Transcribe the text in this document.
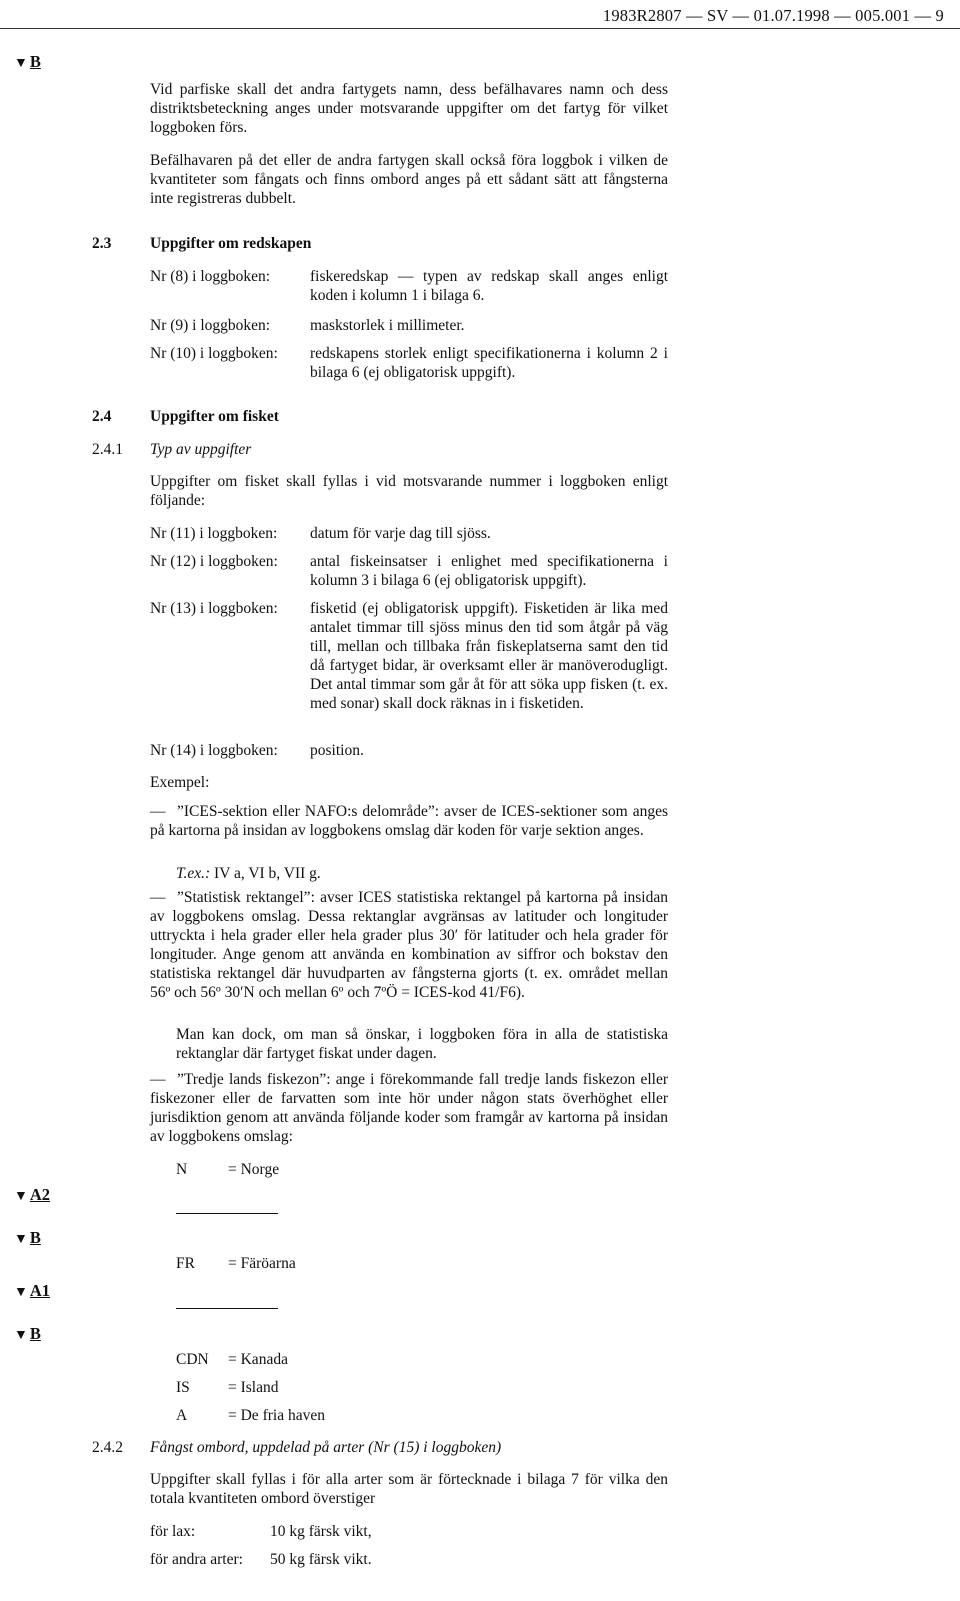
1983R2807 — SV — 01.07.1998 — 005.001 — 9
▼ B
▼ A2
▼ B
▼ A1
▼ B
Vid parfiske skall det andra fartygets namn, dess befälhavares namn och dess distriktsbeteckning anges under motsvarande uppgifter om det fartyg för vilket loggboken förs.
Befälhavaren på det eller de andra fartygen skall också föra loggbok i vilken de kvantiteter som fångats och finns ombord anges på ett sådant sätt att fångsterna inte registreras dubbelt.
2.3 Uppgifter om redskapen
Nr (8) i loggboken:	fiskeredskap — typen av redskap skall anges enligt koden i kolumn 1 i bilaga 6.
Nr (9) i loggboken:	maskstorlek i millimeter.
Nr (10) i loggboken:	redskapens storlek enligt specifikationerna i kolumn 2 i bilaga 6 (ej obligatorisk uppgift).
2.4 Uppgifter om fisket
2.4.1 Typ av uppgifter
Uppgifter om fisket skall fyllas i vid motsvarande nummer i loggboken enligt följande:
Nr (11) i loggboken:	datum för varje dag till sjöss.
Nr (12) i loggboken:	antal fiskeinsatser i enlighet med specifikationerna i kolumn 3 i bilaga 6 (ej obligatorisk uppgift).
Nr (13) i loggboken:	fisketid (ej obligatorisk uppgift). Fisketiden är lika med antalet timmar till sjöss minus den tid som åtgår på väg till, mellan och tillbaka från fiskeplatserna samt den tid då fartyget bidar, är overksamt eller är manöverodugligt. Det antal timmar som går åt för att söka upp fisken (t. ex. med sonar) skall dock räknas in i fisketiden.
Nr (14) i loggboken:	position.
Exempel:
— ”ICES-sektion eller NAFO:s delområde”: avser de ICES-sektioner som anges på kartorna på insidan av loggbokens omslag där koden för varje sektion anges.
T.ex.: IV a, VI b, VII g.
— ”Statistisk rektangel”: avser ICES statistiska rektangel på kartorna på insidan av loggbokens omslag. Dessa rektanglar avgränsas av latituder och longituder uttryckta i hela grader eller hela grader plus 30′ för latituder och hela grader för longituder. Ange genom att använda en kombination av siffror och bokstav den statistiska rektangel där huvudparten av fångsterna gjorts (t. ex. området mellan 56º och 56º 30′N och mellan 6º och 7ºÖ = ICES-kod 41/F6).
Man kan dock, om man så önskar, i loggboken föra in alla de statistiska rektanglar där fartyget fiskat under dagen.
— ”Tredje lands fiskezon”: ange i förekommande fall tredje lands fiskezon eller fiskezoner eller de farvatten som inte hör under någon stats överhöghet eller jurisdiktion genom att använda följande koder som framgår av kartorna på insidan av loggbokens omslag:
N	= Norge
FR = Färöarna
CDN = Kanada
IS = Island
A	= De fria haven
2.4.2 Fångst ombord, uppdelad på arter (Nr (15) i loggboken)
Uppgifter skall fyllas i för alla arter som är förtecknade i bilaga 7 för vilka den totala kvantiteten ombord överstiger
för lax:	10 kg färsk vikt,
för andra arter: 50 kg färsk vikt.
